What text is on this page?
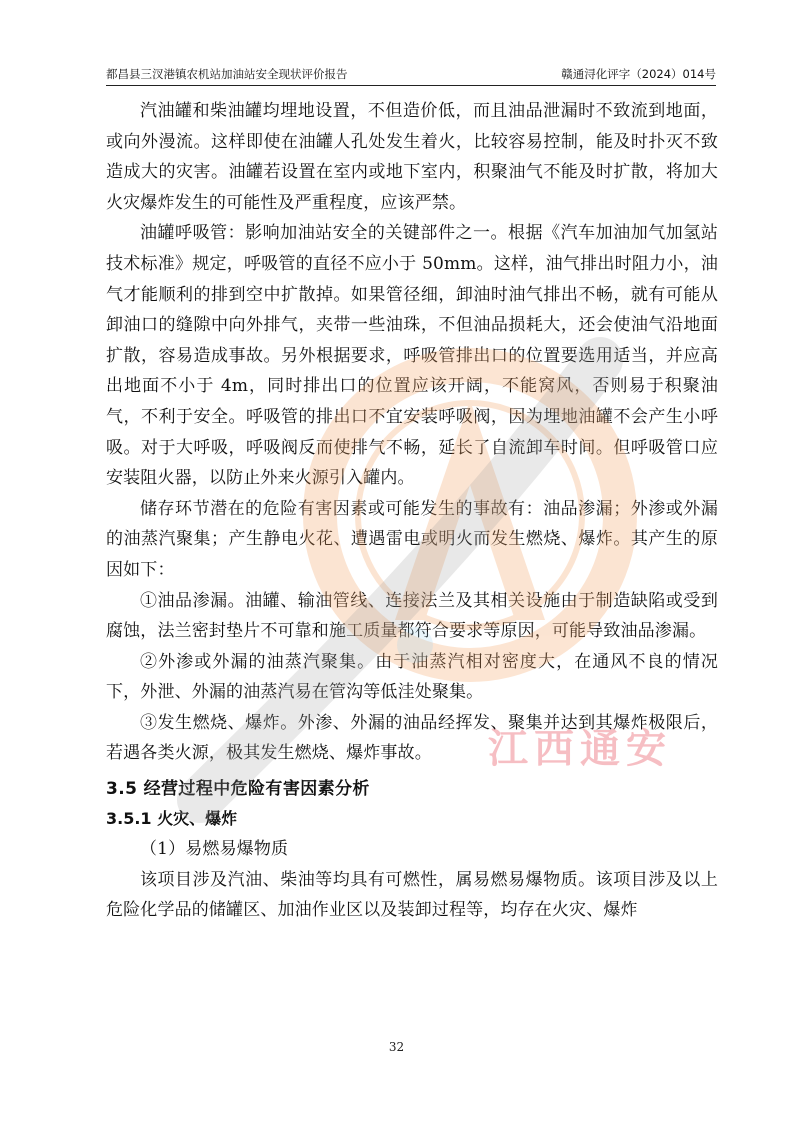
都昌县三汊港镇农机站加油站安全现状评价报告	赣通浔化评字（2024）014号

汽油罐和柴油罐均埋地设置，不但造价低，而且油品泄漏时不致流到地面，或向外漫流。这样即使在油罐人孔处发生着火，比较容易控制，能及时扑灭不致造成大的灾害。油罐若设置在室内或地下室内，积聚油气不能及时扩散，将加大火灾爆炸发生的可能性及严重程度，应该严禁。

油罐呼吸管：影响加油站安全的关键部件之一。根据《汽车加油加气加氢站技术标准》规定，呼吸管的直径不应小于 50mm。这样，油气排出时阻力小，油气才能顺利的排到空中扩散掉。如果管径细，卸油时油气排出不畅，就有可能从卸油口的缝隙中向外排气，夹带一些油珠，不但油品损耗大，还会使油气沿地面扩散，容易造成事故。另外根据要求，呼吸管排出口的位置要选用适当，并应高出地面不小于 4m，同时排出口的位置应该开阔，不能窝风，否则易于积聚油气，不利于安全。呼吸管的排出口不宜安装呼吸阀，因为埋地油罐不会产生小呼吸。对于大呼吸，呼吸阀反而使排气不畅，延长了自流卸车时间。但呼吸管口应安装阻火器，以防止外来火源引入罐内。

储存环节潜在的危险有害因素或可能发生的事故有：油品渗漏；外渗或外漏的油蒸汽聚集；产生静电火花、遭遇雷电或明火而发生燃烧、爆炸。其产生的原因如下：

①油品渗漏。油罐、输油管线、连接法兰及其相关设施由于制造缺陷或受到腐蚀，法兰密封垫片不可靠和施工质量都符合要求等原因，可能导致油品渗漏。

②外渗或外漏的油蒸汽聚集。由于油蒸汽相对密度大，在通风不良的情况下，外泄、外漏的油蒸汽易在管沟等低洼处聚集。

③发生燃烧、爆炸。外渗、外漏的油品经挥发、聚集并达到其爆炸极限后，若遇各类火源，极其发生燃烧、爆炸事故。

3.5 经营过程中危险有害因素分析
3.5.1 火灾、爆炸

（1）易燃易爆物质

该项目涉及汽油、柴油等均具有可燃性，属易燃易爆物质。该项目涉及以上危险化学品的储罐区、加油作业区以及装卸过程等，均存在火灾、爆炸

江西通安
32
